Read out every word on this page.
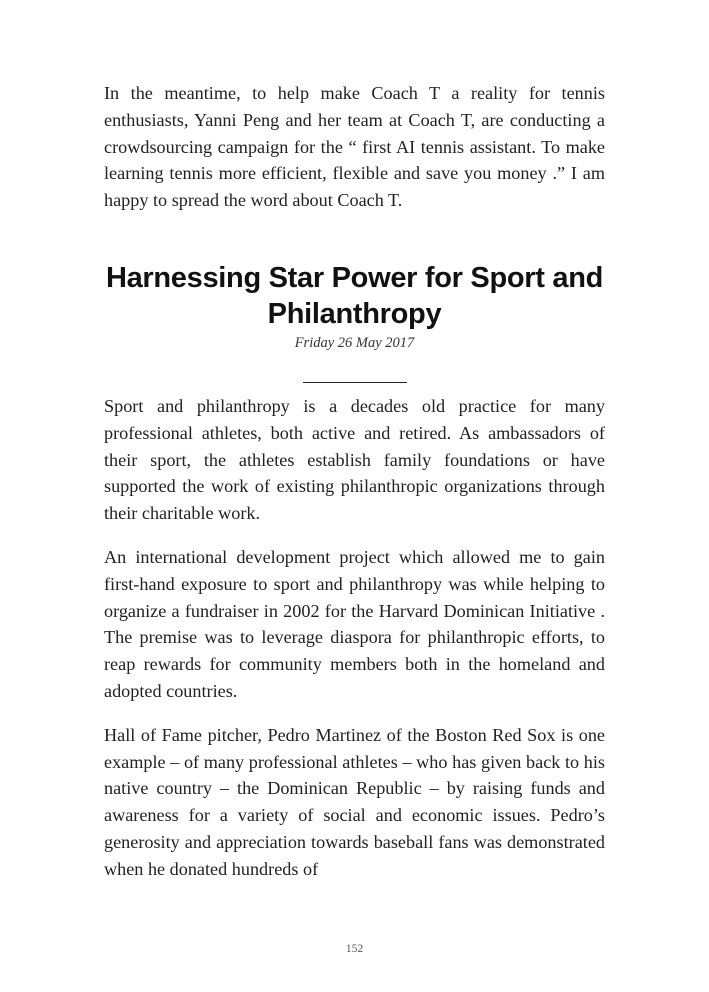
In the meantime, to help make Coach T a reality for tennis enthusiasts, Yanni Peng and her team at Coach T, are conducting a crowdsourcing campaign for the “ first AI tennis assistant. To make learning tennis more efficient, flexible and save you money .” I am happy to spread the word about Coach T.

Harnessing Star Power for Sport and Philanthropy
Friday 26 May 2017

Sport and philanthropy is a decades old practice for many professional athletes, both active and retired. As ambassadors of their sport, the athletes establish family foundations or have supported the work of existing philanthropic organizations through their charitable work.

An international development project which allowed me to gain first-hand exposure to sport and philanthropy was while helping to organize a fundraiser in 2002 for the Harvard Dominican Initiative . The premise was to leverage diaspora for philanthropic efforts, to reap rewards for community members both in the homeland and adopted countries.

Hall of Fame pitcher, Pedro Martinez of the Boston Red Sox is one example – of many professional athletes – who has given back to his native country – the Dominican Republic – by raising funds and awareness for a variety of social and economic issues. Pedro’s generosity and appreciation towards baseball fans was demonstrated when he donated hundreds of

152
